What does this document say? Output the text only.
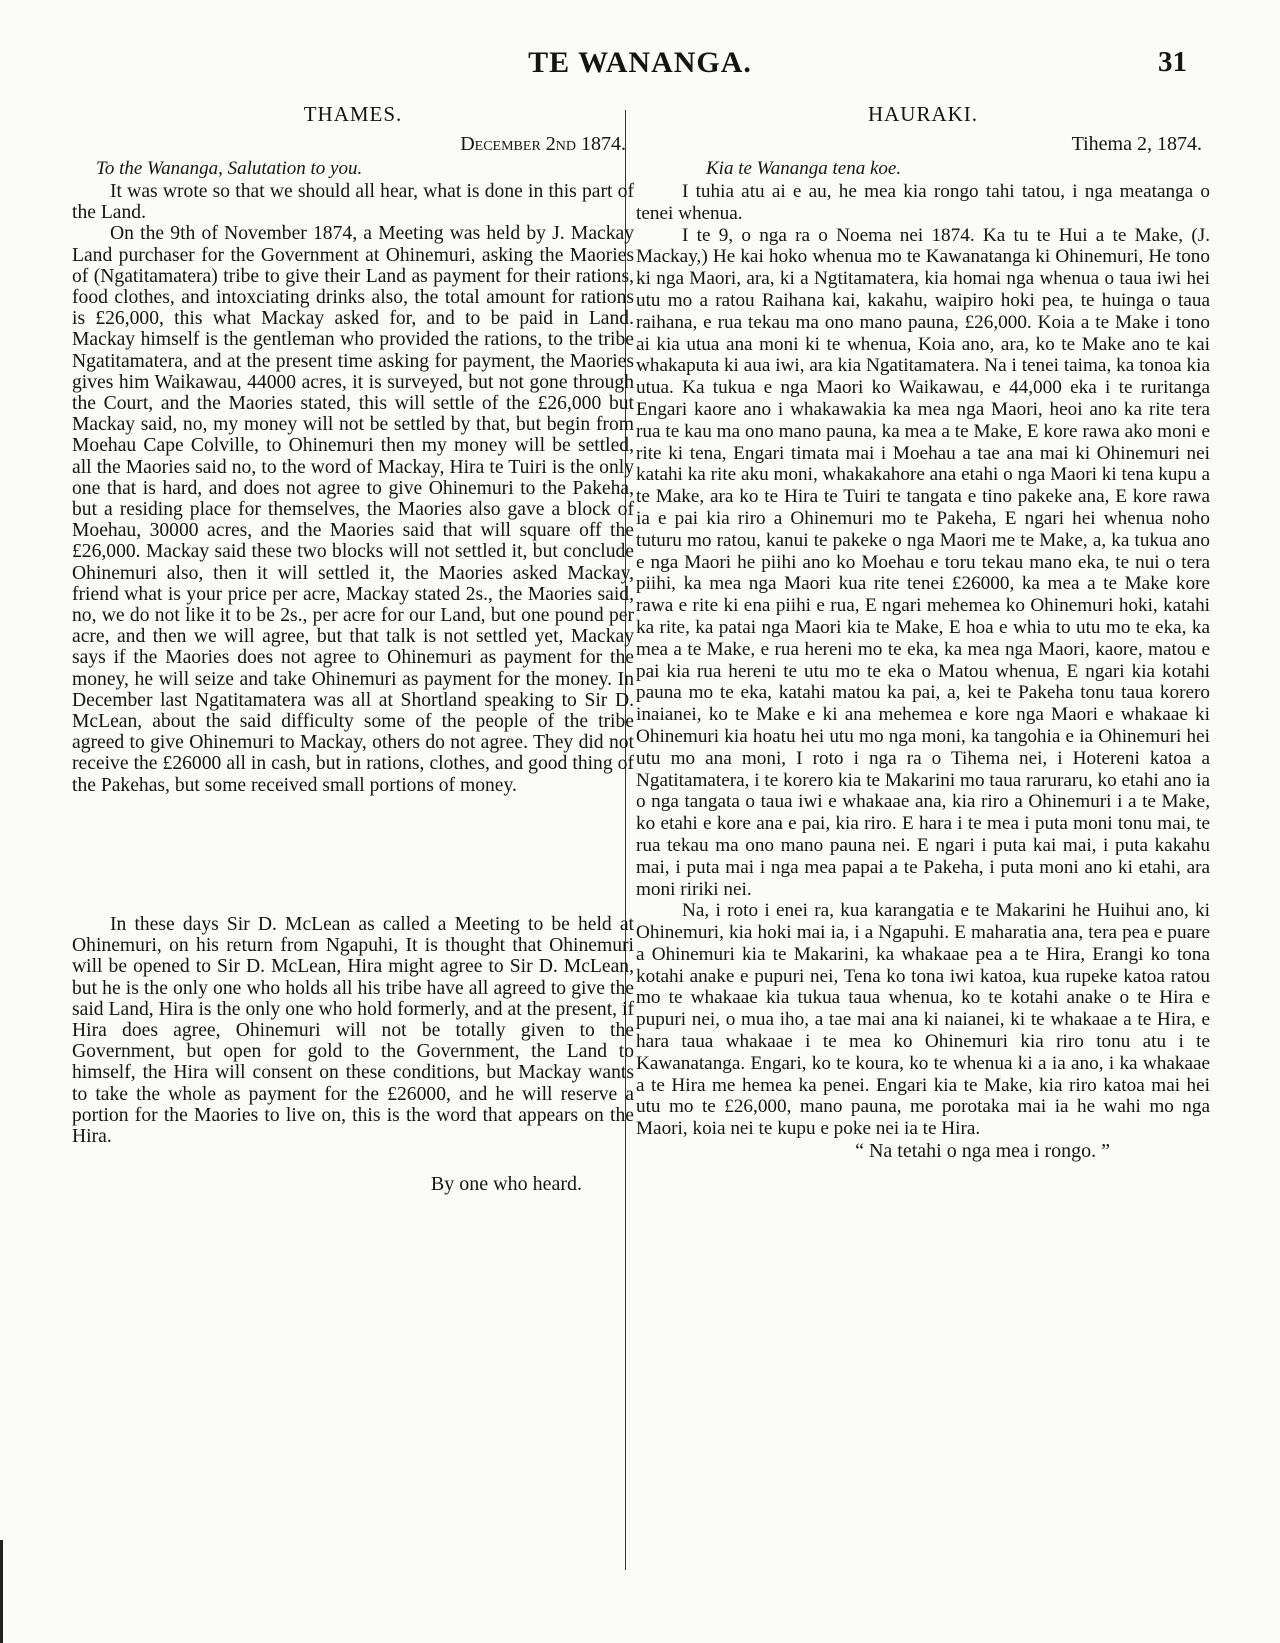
TE WANANGA.	31
THAMES.
December 2nd 1874.
To the Wananga, Salutation to you.

It was wrote so that we should all hear, what is done in this part of the Land.

On the 9th of November 1874, a Meeting was held by J. Mackay Land purchaser for the Government at Ohinemuri, asking the Maories of (Ngatitamatera) tribe to give their Land as payment for their rations, food clothes, and intoxciating drinks also, the total amount for rations is £26,000, this what Mackay asked for, and to be paid in Land. Mackay himself is the gentleman who provided the rations, to the tribe Ngatitamatera, and at the present time asking for payment, the Maories gives him Waikawau, 44000 acres, it is surveyed, but not gone through the Court, and the Maories stated, this will settle of the £26,000 but Mackay said, no, my money will not be settled by that, but begin from Moehau Cape Colville, to Ohinemuri then my money will be settled, all the Maories said no, to the word of Mackay, Hira te Tuiri is the only one that is hard, and does not agree to give Ohinemuri to the Pakeha, but a residing place for themselves, the Maories also gave a block of Moehau, 30000 acres, and the Maories said that will square off the £26,000. Mackay said these two blocks will not settled it, but conclude Ohinemuri also, then it will settled it, the Maories asked Mackay, friend what is your price per acre, Mackay stated 2s., the Maories said, no, we do not like it to be 2s., per acre for our Land, but one pound per acre, and then we will agree, but that talk is not settled yet, Mackay says if the Maories does not agree to Ohinemuri as payment for the money, he will seize and take Ohinemuri as payment for the money. In December last Ngatitamatera was all at Shortland speaking to Sir D. McLean, about the said difficulty some of the people of the tribe agreed to give Ohinemuri to Mackay, others do not agree. They did not receive the £26000 all in cash, but in rations, clothes, and good thing of the Pakehas, but some received small portions of money.

In these days Sir D. McLean as called a Meeting to be held at Ohinemuri, on his return from Ngapuhi, It is thought that Ohinemuri will be opened to Sir D. McLean, Hira might agree to Sir D. McLean, but he is the only one who holds all his tribe have all agreed to give the said Land, Hira is the only one who hold formerly, and at the present, if Hira does agree, Ohinemuri will not be totally given to the Government, but open for gold to the Government, the Land to himself, the Hira will consent on these conditions, but Mackay wants to take the whole as payment for the £26000, and he will reserve a portion for the Maories to live on, this is the word that appears on the Hira.

By one who heard.
HAURAKI.
Tihema 2, 1874.
Kia te Wananga tena koe.

I tuhia atu ai e au, he mea kia rongo tahi tatou, i nga meatanga o tenei whenua.

I te 9, o nga ra o Noema nei 1874. Ka tu te Hui a te Make, (J. Mackay,) He kai hoko whenua mo te Kawanatanga ki Ohinemuri, He tono ki nga Maori, ara, ki a Ngtitamatera, kia homai nga whenua o taua iwi hei utu mo a ratou Raihana kai, kakahu, waipiro hoki pea, te huinga o taua raihana, e rua tekau ma ono mano pauna, £26,000. Koia a te Make i tono ai kia utua ana moni ki te whenua, Koia ano, ara, ko te Make ano te kai whakaputa ki aua iwi, ara kia Ngatitamatera. Na i tenei taima, ka tonoa kia utua. Ka tukua e nga Maori ko Waikawau, e 44,000 eka i te ruritanga Engari kaore ano i whakawakia ka mea nga Maori, heoi ano ka rite tera rua te kau ma ono mano pauna, ka mea a te Make, E kore rawa ako moni e rite ki tena, Engari timata mai i Moehau a tae ana mai ki Ohinemuri nei katahi ka rite aku moni, whakakahore ana etahi o nga Maori ki tena kupu a te Make, ara ko te Hira te Tuiri te tangata e tino pakeke ana, E kore rawa ia e pai kia riro a Ohinemuri mo te Pakeha, E ngari hei whenua noho tuturu mo ratou, kanui te pakeke o nga Maori me te Make, a, ka tukua ano e nga Maori he piihi ano ko Moehau e toru tekau mano eka, te nui o tera piihi, ka mea nga Maori kua rite tenei £26000, ka mea a te Make kore rawa e rite ki ena piihi e rua, E ngari mehemea ko Ohinemuri hoki, katahi ka rite, ka patai nga Maori kia te Make, E hoa e whia to utu mo te eka, ka mea a te Make, e rua hereni mo te eka, ka mea nga Maori, kaore, matou e pai kia rua hereni te utu mo te eka o Matou whenua, E ngari kia kotahi pauna mo te eka, katahi matou ka pai, a, kei te Pakeha tonu taua korero inaianei, ko te Make e ki ana mehemea e kore nga Maori e whakaae ki Ohinemuri kia hoatu hei utu mo nga moni, ka tangohia e ia Ohinemuri hei utu mo ana moni, I roto i nga ra o Tihema nei, i Hotereni katoa a Ngatitamatera, i te korero kia te Makarini mo taua raruraru, ko etahi ano ia o nga tangata o taua iwi e whakaae ana, kia riro a Ohinemuri i a te Make, ko etahi e kore ana e pai, kia riro. E hara i te mea i puta moni tonu mai, te rua tekau ma ono mano pauna nei. E ngari i puta kai mai, i puta kakahu mai, i puta mai i nga mea papai a te Pakeha, i puta moni ano ki etahi, ara moni ririki nei.

Na, i roto i enei ra, kua karangatia e te Makarini he Huihui ano, ki Ohinemuri, kia hoki mai ia, i a Ngapuhi. E maharatia ana, tera pea e puare a Ohinemuri kia te Makarini, ka whakaae pea a te Hira, Erangi ko tona kotahi anake e pupuri nei, Tena ko tona iwi katoa, kua rupeke katoa ratou mo te whakaae kia tukua taua whenua, ko te kotahi anake o te Hira e pupuri nei, o mua iho, a tae mai ana ki naianei, ki te whakaae a te Hira, e hara taua whakaae i te mea ko Ohinemuri kia riro tonu atu i te Kawanatanga. Engari, ko te koura, ko te whenua ki a ia ano, i ka whakaae a te Hira me hemea ka penei. Engari kia te Make, kia riro katoa mai hei utu mo te £26,000, mano pauna, me porotaka mai ia he wahi mo nga Maori, koia nei te kupu e poke nei ia te Hira.

“ Na tetahi o nga mea i rongo. ”
